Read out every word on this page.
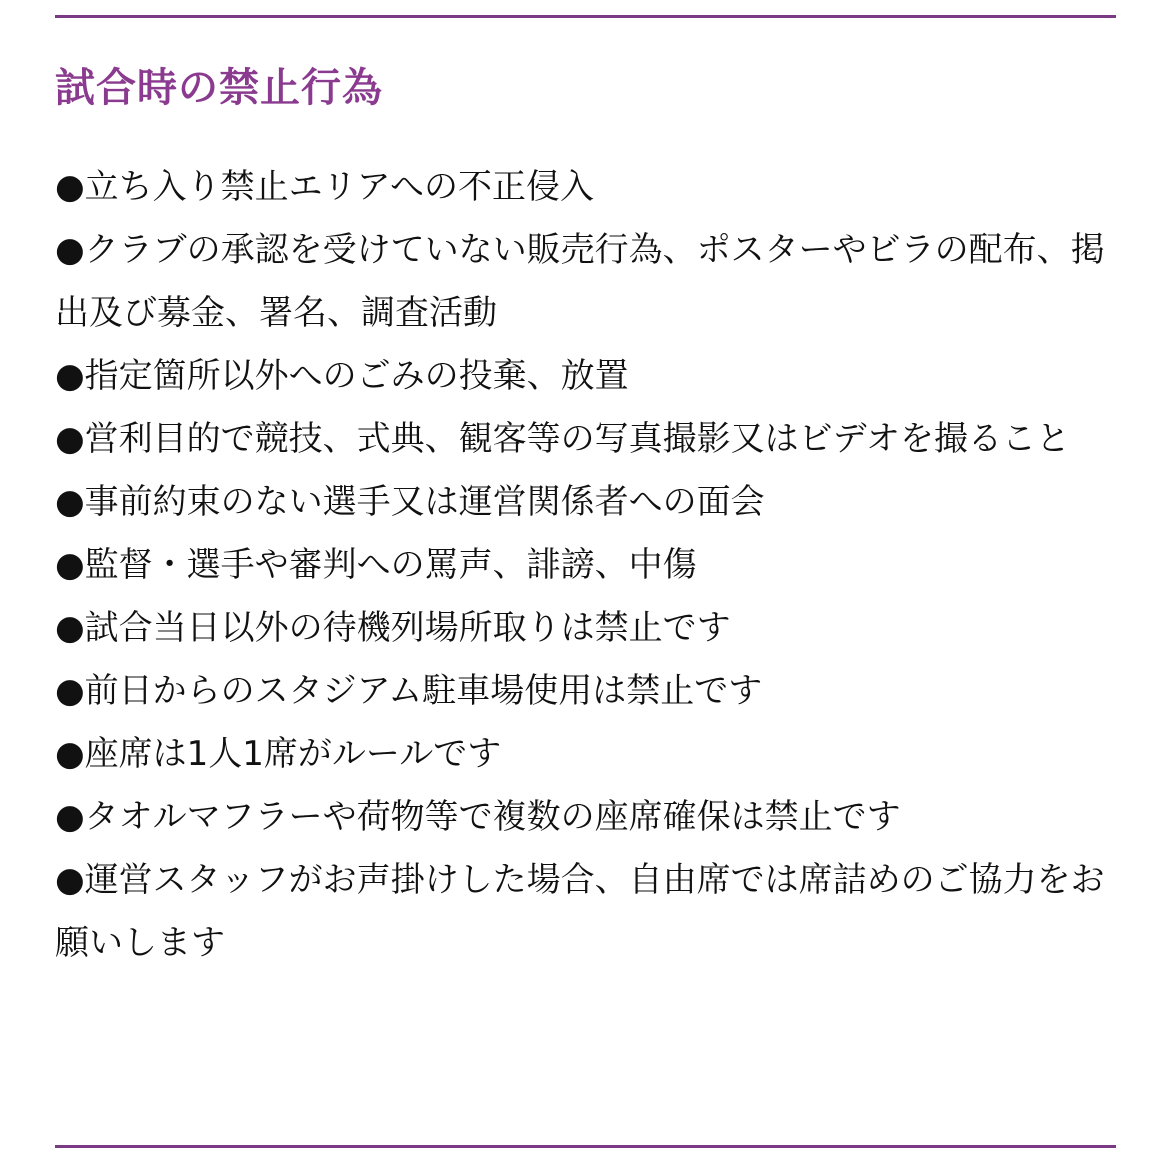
試合時の禁止行為
●立ち入り禁止エリアへの不正侵入
●クラブの承認を受けていない販売行為、ポスターやビラの配布、掲出及び募金、署名、調査活動
●指定箇所以外へのごみの投棄、放置
●営利目的で競技、式典、観客等の写真撮影又はビデオを撮ること
●事前約束のない選手又は運営関係者への面会
●監督・選手や審判への罵声、誹謗、中傷
●試合当日以外の待機列場所取りは禁止です
●前日からのスタジアム駐車場使用は禁止です
●座席は1人1席がルールです
●タオルマフラーや荷物等で複数の座席確保は禁止です
●運営スタッフがお声掛けした場合、自由席では席詰めのご協力をお願いします
